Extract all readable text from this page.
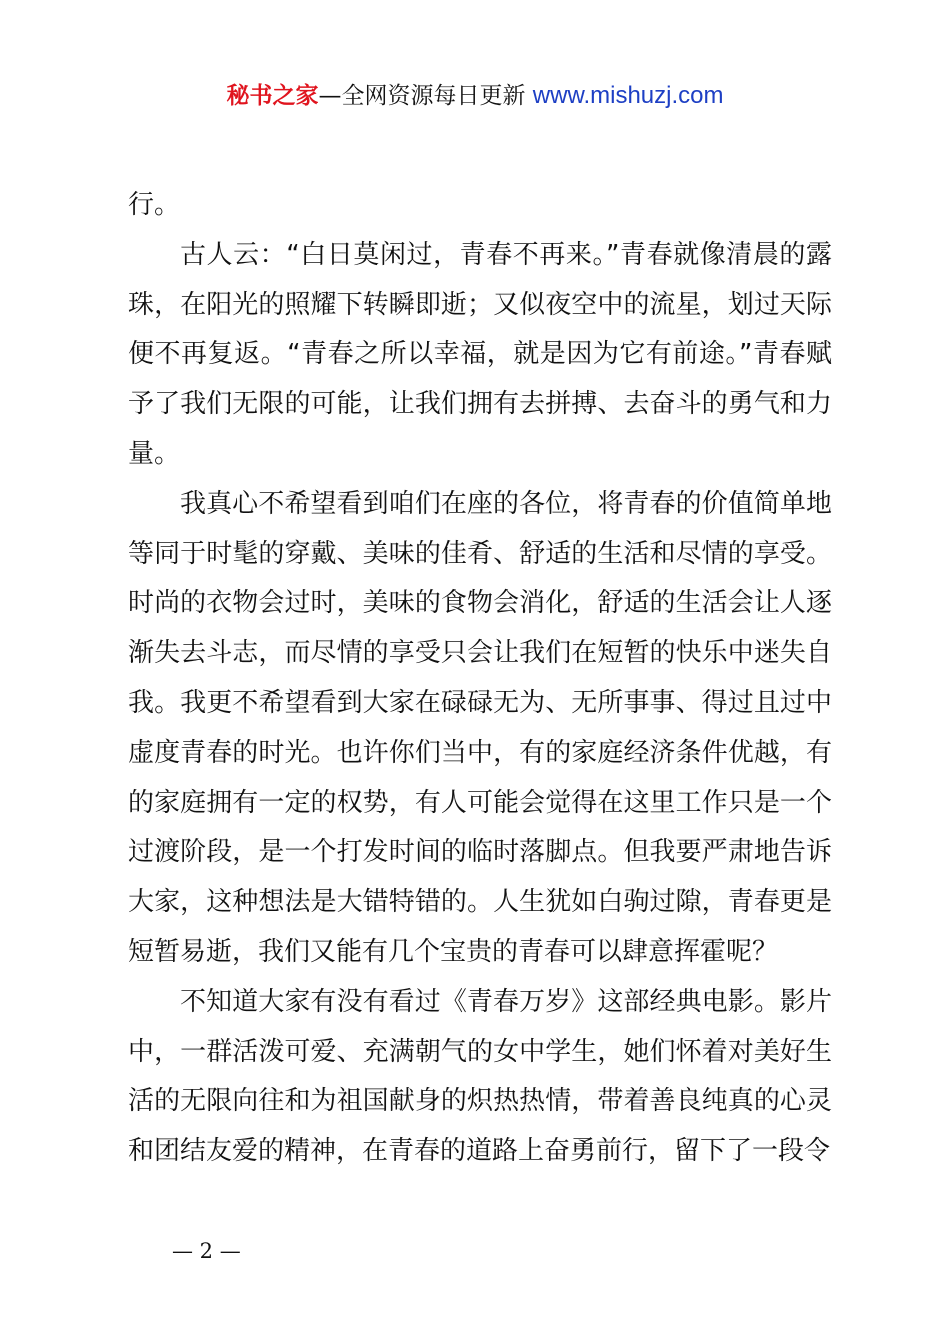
秘书之家—全网资源每日更新 www.mishuzj.com

行。

古人云：“白日莫闲过，青春不再来。”青春就像清晨的露珠，在阳光的照耀下转瞬即逝；又似夜空中的流星，划过天际便不再复返。“青春之所以幸福，就是因为它有前途。”青春赋予了我们无限的可能，让我们拥有去拼搏、去奋斗的勇气和力量。

我真心不希望看到咱们在座的各位，将青春的价值简单地等同于时髦的穿戴、美味的佳肴、舒适的生活和尽情的享受。时尚的衣物会过时，美味的食物会消化，舒适的生活会让人逐渐失去斗志，而尽情的享受只会让我们在短暂的快乐中迷失自我。我更不希望看到大家在碌碌无为、无所事事、得过且过中虚度青春的时光。也许你们当中，有的家庭经济条件优越，有的家庭拥有一定的权势，有人可能会觉得在这里工作只是一个过渡阶段，是一个打发时间的临时落脚点。但我要严肃地告诉大家，这种想法是大错特错的。人生犹如白驹过隙，青春更是短暂易逝，我们又能有几个宝贵的青春可以肆意挥霍呢？

不知道大家有没有看过《青春万岁》这部经典电影。影片中，一群活泼可爱、充满朝气的女中学生，她们怀着对美好生活的无限向往和为祖国献身的炽热热情，带着善良纯真的心灵和团结友爱的精神，在青春的道路上奋勇前行，留下了一段令

— 2 —
